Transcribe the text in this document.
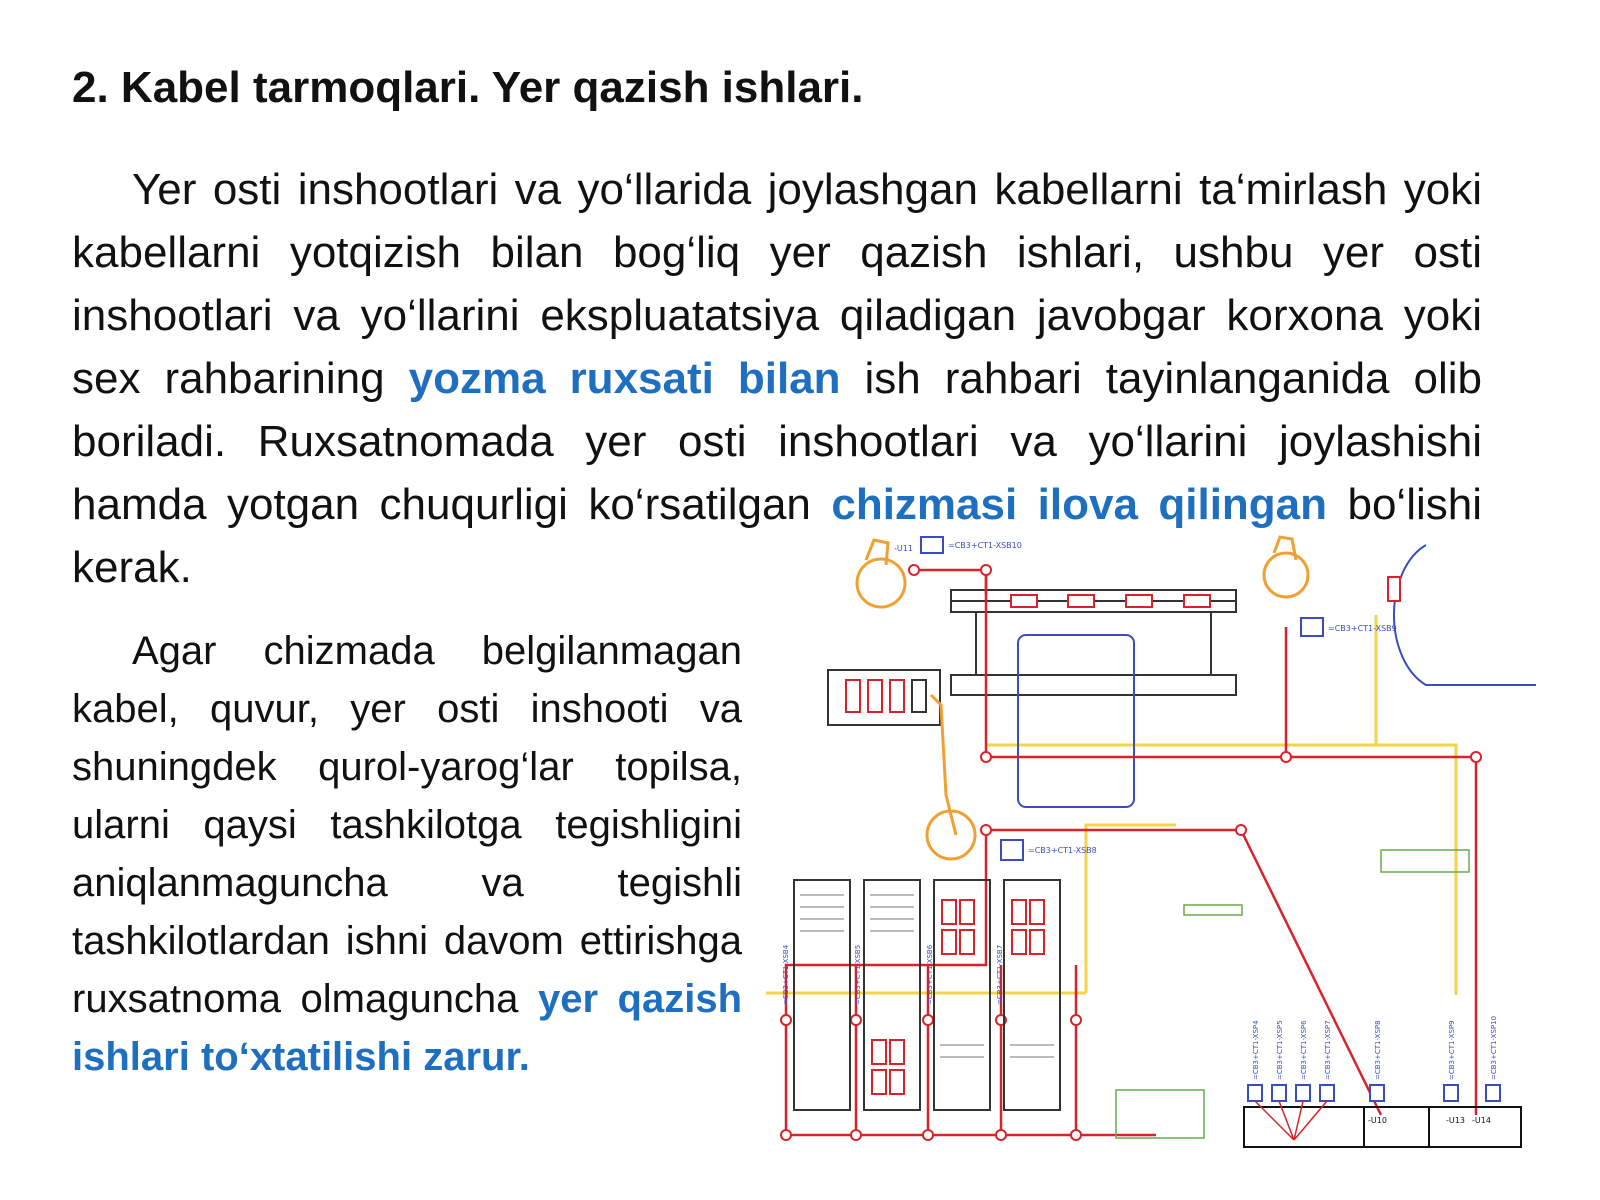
2. Kabel tarmoqlari. Yer qazish ishlari.

Yer osti inshootlari va yo‘llarida joylashgan kabellarni ta‘mirlash yoki kabellarni yotqizish bilan bog‘liq yer qazish ishlari, ushbu yer osti inshootlari va yo‘llarini ekspluatatsiya qiladigan javobgar korxona yoki sex rahbarining yozma ruxsati bilan ish rahbari tayinlanganida olib boriladi. Ruxsatnomada yer osti inshootlari va yo‘llarini joylashishi hamda yotgan chuqurligi ko‘rsatilgan chizmasi ilova qilingan bo‘lishi kerak.

Agar chizmada belgilanmagan kabel, quvur, yer osti inshooti va shuningdek qurol-yarog‘lar topilsa, ularni qaysi tashkilotga tegishligini aniqlanmaguncha va tegishli tashkilotlardan ishni davom ettirishga ruxsatnoma olmaguncha yer qazish ishlari to‘xtatilishi zarur.

-U11	=CB3+CT1-XSB10
=CB3+CT1-XSB9
=CB3+CT1-XSB8
=CB3+CT1-XSB4	=CB3+CT1-XSB5	=CB3+CT1-XSB6	=CB3+CT1-XSB7
=CB3+CT1-XSP4 =CB3+CT1-XSP5 =CB3+CT1-XSP6 =CB3+CT1-XSP7	=CB3+CT1-XSP8	=CB3+CT1-XSP9	=CB3+CT1-XSP10
-U10	-U13 -U14
